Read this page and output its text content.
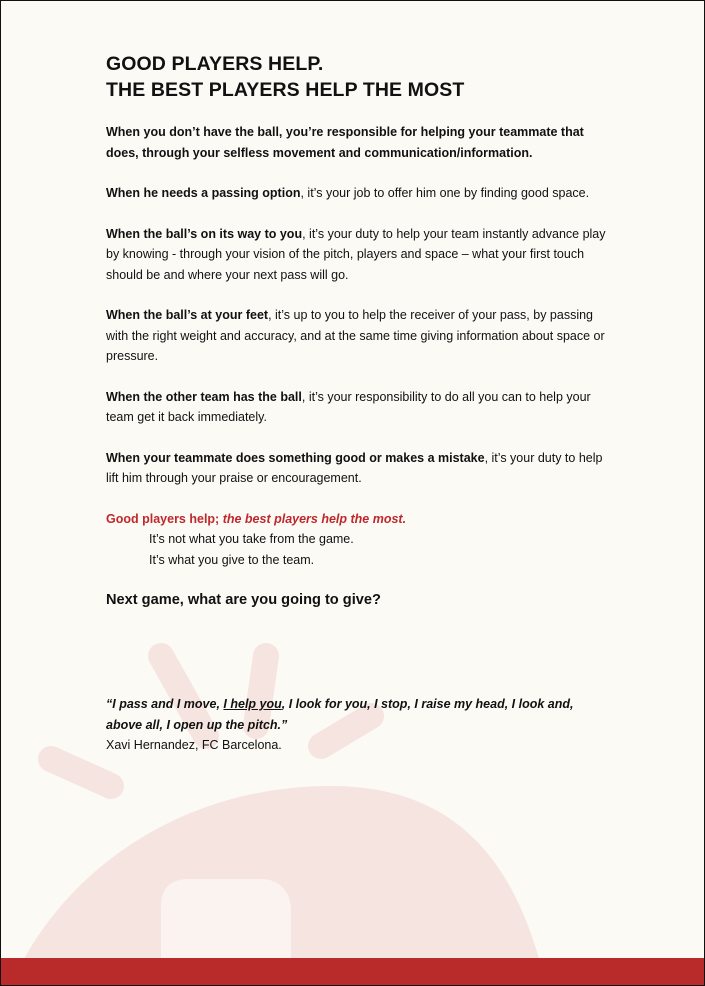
GOOD PLAYERS HELP.
THE BEST PLAYERS HELP THE MOST

When you don’t have the ball, you’re responsible for helping your teammate that does, through your selfless movement and communication/information.

When he needs a passing option, it’s your job to offer him one by finding good space.

When the ball’s on its way to you, it’s your duty to help your team instantly advance play by knowing - through your vision of the pitch, players and space – what your first touch should be and where your next pass will go.

When the ball’s at your feet, it’s up to you to help the receiver of your pass, by passing with the right weight and accuracy, and at the same time giving information about space or pressure.

When the other team has the ball, it’s your responsibility to do all you can to help your team get it back immediately.

When your teammate does something good or makes a mistake, it’s your duty to help lift him through your praise or encouragement.

Good players help; the best players help the most.

It’s not what you take from the game.

It’s what you give to the team.

Next game, what are you going to give?

“I pass and I move, I help you, I look for you, I stop, I raise my head, I look and, above all, I open up the pitch.”

Xavi Hernandez, FC Barcelona.
